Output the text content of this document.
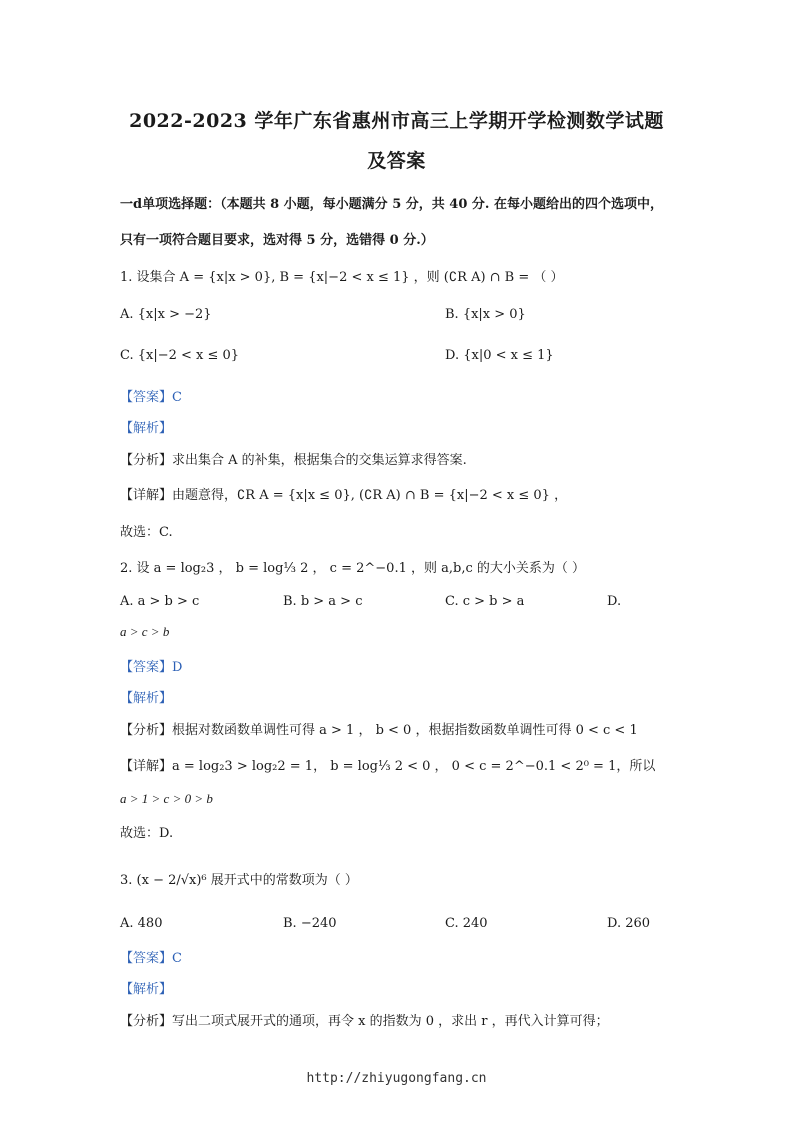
2022-2023 学年广东省惠州市高三上学期开学检测数学试题
及答案
一d单项选择题：（本题共 8 小题，每小题满分 5 分，共 40 分. 在每小题给出的四个选项中，
只有一项符合题目要求，选对得 5 分，选错得 0 分.）
1. 设集合 A = {x|x > 0}, B = {x|−2 < x ≤ 1} ，则 (∁R A) ∩ B = （ ）
A. {x|x > −2}	B. {x|x > 0}
C. {x|−2 < x ≤ 0}	D. {x|0 < x ≤ 1}
【答案】C
【解析】
【分析】求出集合 A 的补集，根据集合的交集运算求得答案.
【详解】由题意得，∁R A = {x|x ≤ 0}, (∁R A) ∩ B = {x|−2 < x ≤ 0} ，
故选：C.
2. 设 a = log₂3 ， b = log⅓ 2 ， c = 2^−0.1 ，则 a,b,c 的大小关系为（ ）
A. a > b > c	B. b > a > c	C. c > b > a	D.
a > c > b
【答案】D
【解析】
【分析】根据对数函数单调性可得 a > 1 ， b < 0 ，根据指数函数单调性可得 0 < c < 1
【详解】a = log₂3 > log₂2 = 1， b = log⅓ 2 < 0 ， 0 < c = 2^−0.1 < 2⁰ = 1，所以
a > 1 > c > 0 > b
故选：D.
3. (x − 2/√x)⁶ 展开式中的常数项为（ ）
A. 480	B. −240	C. 240	D. 260
【答案】C
【解析】
【分析】写出二项式展开式的通项，再令 x 的指数为 0 ，求出 r ，再代入计算可得；
http://zhiyugongfang.cn
